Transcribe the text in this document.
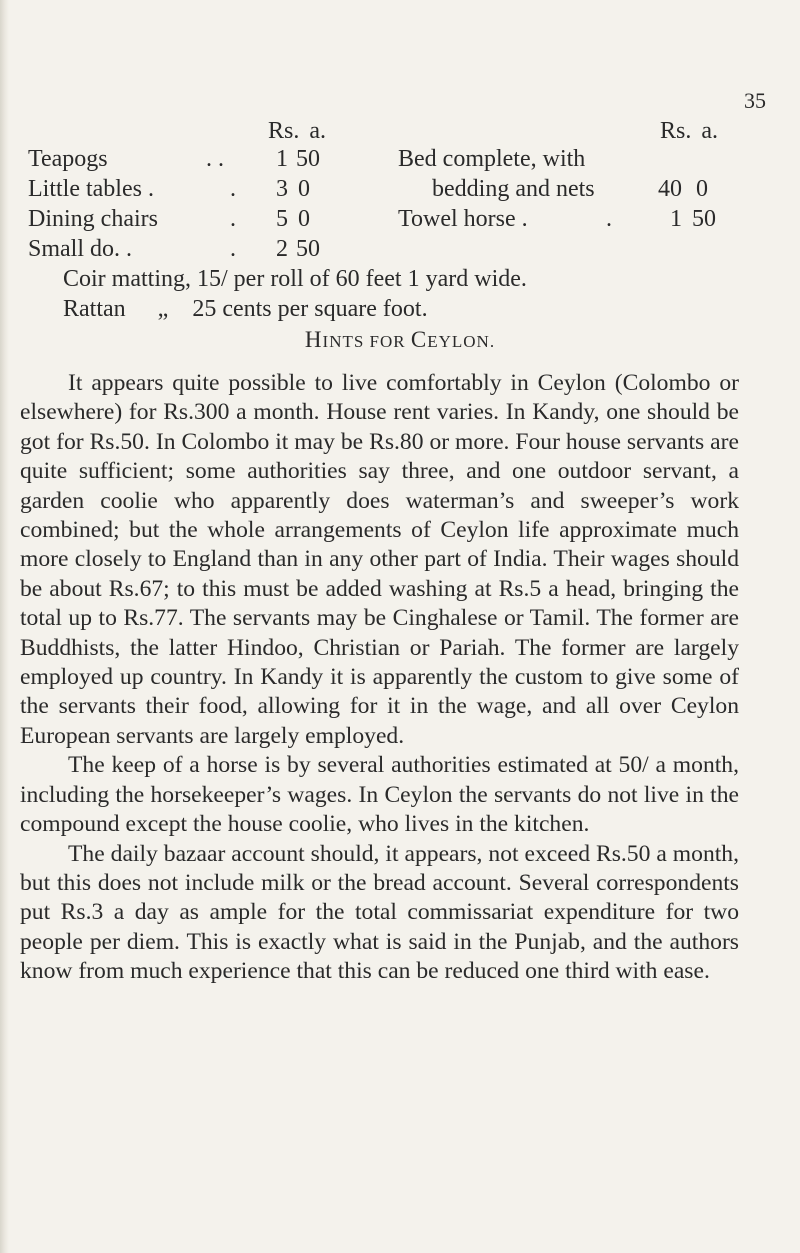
35
Rs. a.	Rs. a.
Teapogs	. .	1 50
Little tables .	.	3 0
Dining chairs	.	5 0
Small do. .	.	2 50
Bed complete, with
bedding and nets	40 0
Towel horse .	.	1 50
Coir matting, 15/ per roll of 60 feet 1 yard wide.
Rattan „ 25 cents per square foot.
HINTS FOR CEYLON.

It appears quite possible to live comfortably in Ceylon (Colombo or elsewhere) for Rs.300 a month. House rent varies. In Kandy, one should be got for Rs.50. In Colombo it may be Rs.80 or more. Four house servants are quite sufficient; some authorities say three, and one outdoor servant, a garden coolie who apparently does waterman’s and sweeper’s work combined; but the whole arrangements of Ceylon life approximate much more closely to England than in any other part of India. Their wages should be about Rs.67; to this must be added washing at Rs.5 a head, bringing the total up to Rs.77. The servants may be Cinghalese or Tamil. The former are Buddhists, the latter Hindoo, Christian or Pariah. The former are largely employed up country. In Kandy it is apparently the custom to give some of the servants their food, allowing for it in the wage, and all over Ceylon European servants are largely employed.

The keep of a horse is by several authorities estimated at 50/ a month, including the horsekeeper’s wages. In Ceylon the servants do not live in the compound except the house coolie, who lives in the kitchen.

The daily bazaar account should, it appears, not exceed Rs.50 a month, but this does not include milk or the bread account. Several correspondents put Rs.3 a day as ample for the total commissariat expenditure for two people per diem. This is exactly what is said in the Punjab, and the authors know from much experience that this can be reduced one third with ease.
